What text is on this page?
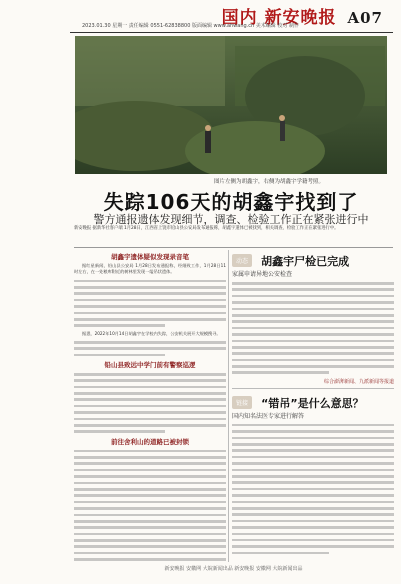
国内 新安晚报 A07
2023.01.30 星期一 责任编辑 0551-62838800 版面编辑 www.ahwang.cn 美术编辑 校对 制作
图片左侧为胡鑫宇，右侧为胡鑫宇学籍考照。
失踪106天的胡鑫宇找到了
警方通报遗体发现细节，调查、检验工作正在紧张进行中
新安晚报 据新华社客户端 1月28日，江西省上饶市铅山县公安局发布通报称，胡鑫宇遗体已被找到，相关调查、检验工作正在紧张进行中。
胡鑫宇遗体疑似发现录音笔

据红星新闻，铅山县公安局 1月28日发布通报称，经细致工作，1月28日11时左右，在一处粮库附近的树林里发现一缢吊状遗体。

据悉，2022年10月14日胡鑫宇在学校内失踪，公安机关展开大规模搜寻。

铅山县致远中学门前有警察巡逻
前往舍利山的道路已被封锁
动态 胡鑫宇尸检已完成
家属申请异地公安检查
综合澎湃新闻、九派新闻等报道
链接 “错吊”是什么意思？
国内知名法医专家进行解答
新安晚报 安徽网 大皖新闻出品 新安晚报 安徽网 大皖新闻出品
